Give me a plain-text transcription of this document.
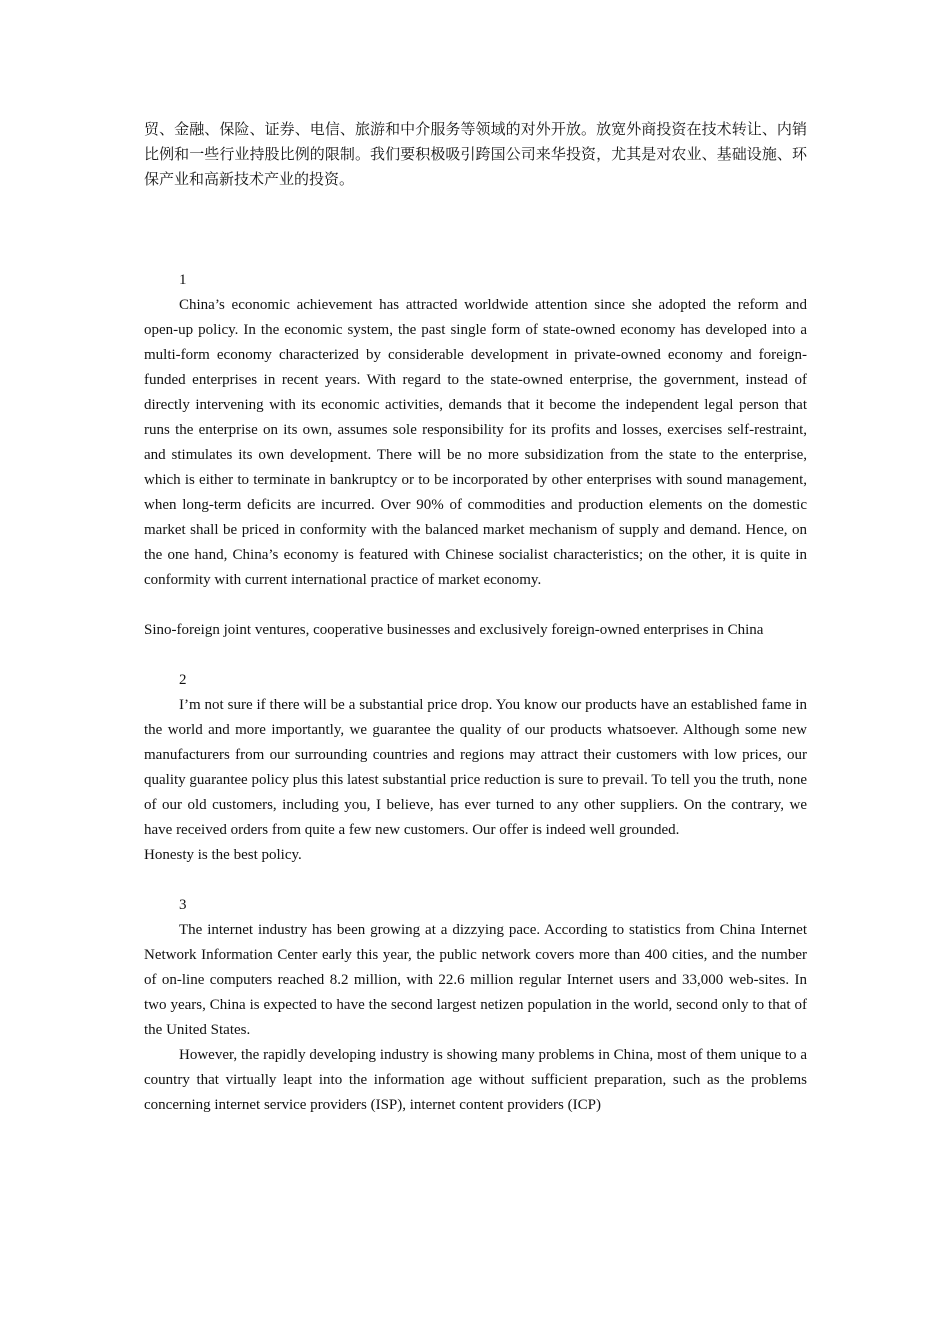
贸、金融、保险、证券、电信、旅游和中介服务等领域的对外开放。放宽外商投资在技术转让、内销比例和一些行业持股比例的限制。我们要积极吸引跨国公司来华投资，尤其是对农业、基础设施、环保产业和高新技术产业的投资。

1

China’s economic achievement has attracted worldwide attention since she adopted the reform and open-up policy. In the economic system, the past single form of state-owned economy has developed into a multi-form economy characterized by considerable development in private-owned economy and foreign-funded enterprises in recent years. With regard to the state-owned enterprise, the government, instead of directly intervening with its economic activities, demands that it become the independent legal person that runs the enterprise on its own, assumes sole responsibility for its profits and losses, exercises self-restraint, and stimulates its own development. There will be no more subsidization from the state to the enterprise, which is either to terminate in bankruptcy or to be incorporated by other enterprises with sound management, when long-term deficits are incurred. Over 90% of commodities and production elements on the domestic market shall be priced in conformity with the balanced market mechanism of supply and demand. Hence, on the one hand, China’s economy is featured with Chinese socialist characteristics; on the other, it is quite in conformity with current international practice of market economy.

Sino-foreign joint ventures, cooperative businesses and exclusively foreign-owned enterprises in China

2

I’m not sure if there will be a substantial price drop. You know our products have an established fame in the world and more importantly, we guarantee the quality of our products whatsoever. Although some new manufacturers from our surrounding countries and regions may attract their customers with low prices, our quality guarantee policy plus this latest substantial price reduction is sure to prevail. To tell you the truth, none of our old customers, including you, I believe, has ever turned to any other suppliers. On the contrary, we have received orders from quite a few new customers. Our offer is indeed well grounded.

Honesty is the best policy.

3

The internet industry has been growing at a dizzying pace. According to statistics from China Internet Network Information Center early this year, the public network covers more than 400 cities, and the number of on-line computers reached 8.2 million, with 22.6 million regular Internet users and 33,000 web-sites. In two years, China is expected to have the second largest netizen population in the world, second only to that of the United States.

However, the rapidly developing industry is showing many problems in China, most of them unique to a country that virtually leapt into the information age without sufficient preparation, such as the problems concerning internet service providers (ISP), internet content providers (ICP)
